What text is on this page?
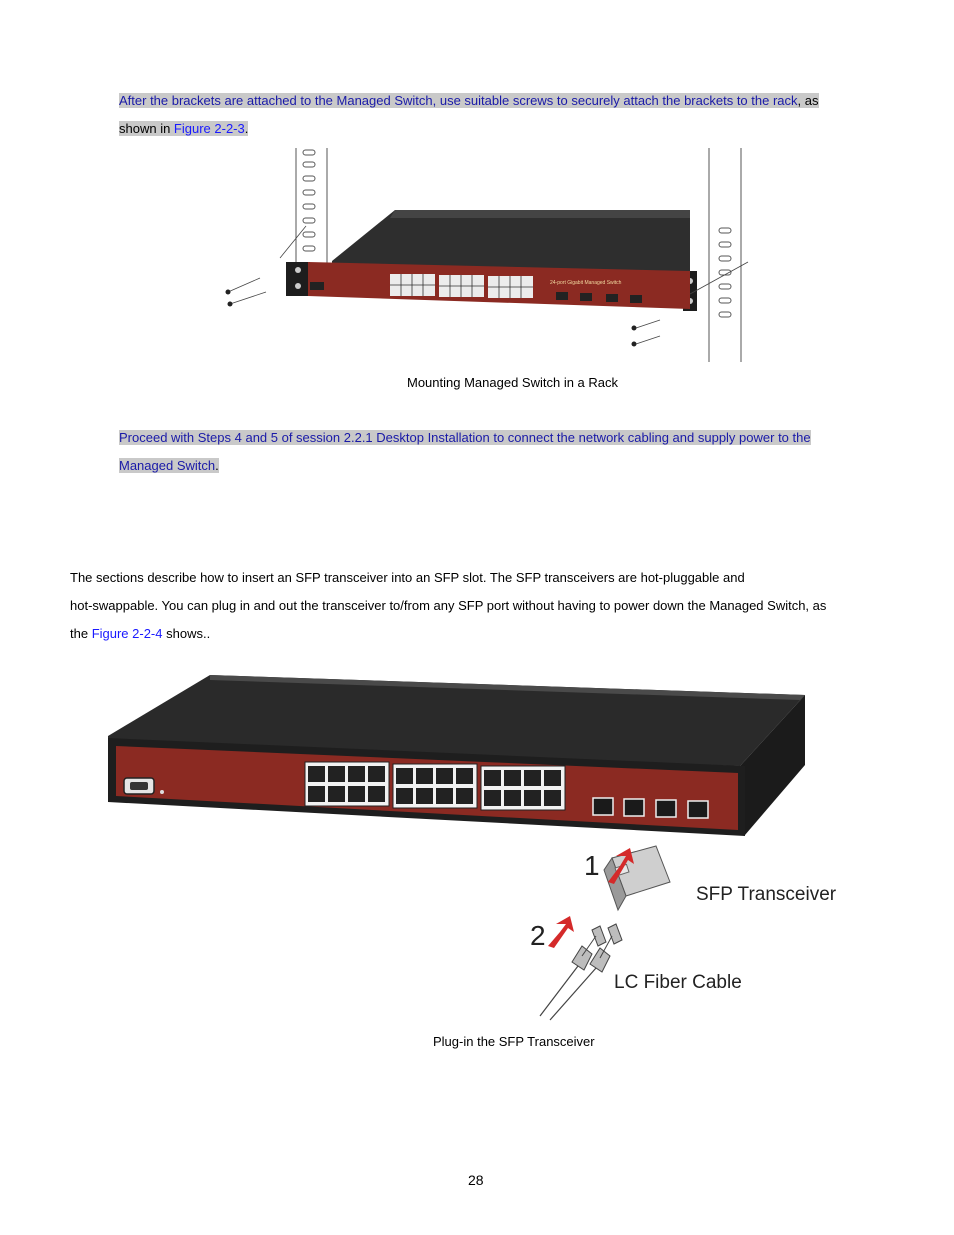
After the brackets are attached to the Managed Switch, use suitable screws to securely attach the brackets to the rack, as
shown in Figure 2-2-3.
24-port Gigabit Managed Switch
Mounting Managed Switch in a Rack
Proceed with Steps 4 and 5 of session 2.2.1 Desktop Installation to connect the network cabling and supply power to the
Managed Switch.
The sections describe how to insert an SFP transceiver into an SFP slot. The SFP transceivers are hot-pluggable and
hot-swappable. You can plug in and out the transceiver to/from any SFP port without having to power down the Managed Switch, as
the Figure 2-2-4 shows..
1
2
SFP Transceiver
LC Fiber Cable
Plug-in the SFP Transceiver
28
